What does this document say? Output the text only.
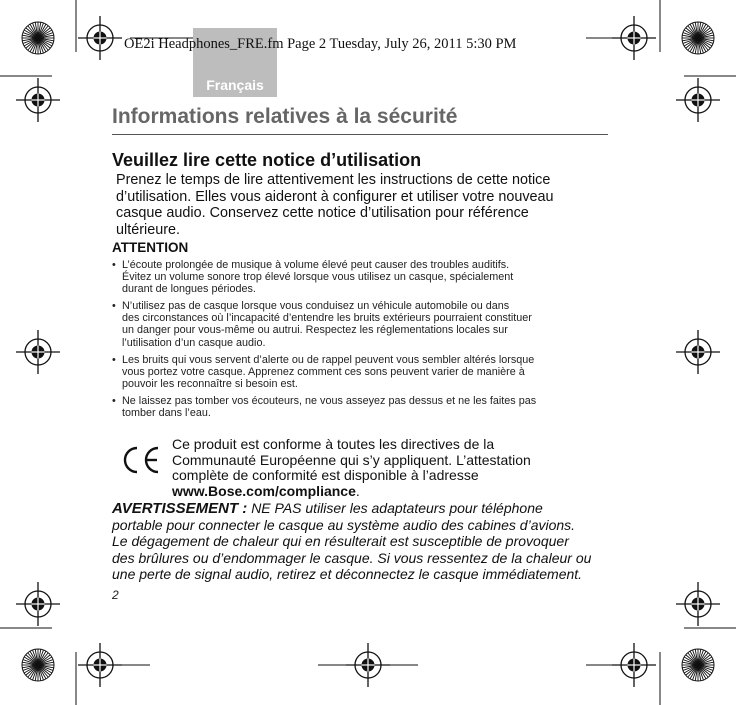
Français
OE2i Headphones_FRE.fm Page 2 Tuesday, July 26, 2011 5:30 PM
Informations relatives à la sécurité
Veuillez lire cette notice d’utilisation

Prenez le temps de lire attentivement les instructions de cette notice
d’utilisation. Elles vous aideront à configurer et utiliser votre nouveau
casque audio. Conservez cette notice d’utilisation pour référence
ultérieure.

ATTENTION
• L’écoute prolongée de musique à volume élevé peut causer des troubles auditifs.
Évitez un volume sonore trop élevé lorsque vous utilisez un casque, spécialement
durant de longues périodes.
• N’utilisez pas de casque lorsque vous conduisez un véhicule automobile ou dans
des circonstances où l’incapacité d’entendre les bruits extérieurs pourraient constituer
un danger pour vous-même ou autrui. Respectez les réglementations locales sur
l’utilisation d’un casque audio.
• Les bruits qui vous servent d’alerte ou de rappel peuvent vous sembler altérés lorsque
vous portez votre casque. Apprenez comment ces sons peuvent varier de manière à
pouvoir les reconnaître si besoin est.
• Ne laissez pas tomber vos écouteurs, ne vous asseyez pas dessus et ne les faites pas
tomber dans l’eau.

Ce produit est conforme à toutes les directives de la
Communauté Européenne qui s’y appliquent. L’attestation
complète de conformité est disponible à l’adresse
www.Bose.com/compliance.

AVERTISSEMENT : NE PAS utiliser les adaptateurs pour téléphone
portable pour connecter le casque au système audio des cabines d’avions.
Le dégagement de chaleur qui en résulterait est susceptible de provoquer
des brûlures ou d’endommager le casque. Si vous ressentez de la chaleur ou
une perte de signal audio, retirez et déconnectez le casque immédiatement.

2
